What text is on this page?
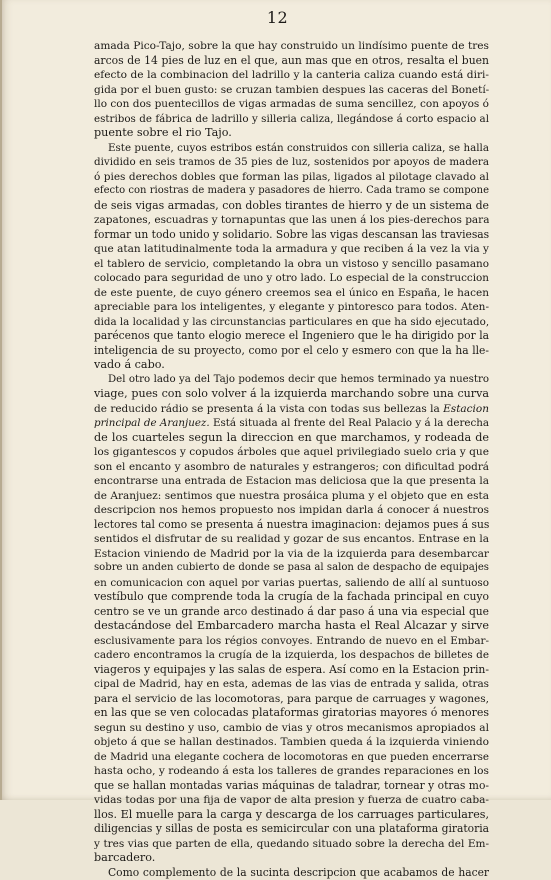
12
amada Pico-Tajo, sobre la que hay construido un lindísimo puente de tres
arcos de 14 pies de luz en el que, aun mas que en otros, resalta el buen
efecto de la combinacion del ladrillo y la canteria caliza cuando está diri-
gida por el buen gusto: se cruzan tambien despues las caceras del Bonetí-
llo con dos puentecillos de vigas armadas de suma sencillez, con apoyos ó
estribos de fábrica de ladrillo y silleria caliza, llegándose á corto espacio al
puente sobre el rio Tajo.
Este puente, cuyos estribos están construidos con silleria caliza, se halla
dividido en seis tramos de 35 pies de luz, sostenidos por apoyos de madera
ó pies derechos dobles que forman las pilas, ligados al pilotage clavado al
efecto con riostras de madera y pasadores de hierro. Cada tramo se compone
de seis vigas armadas, con dobles tirantes de hierro y de un sistema de
zapatones, escuadras y tornapuntas que las unen á los pies-derechos para
formar un todo unido y solidario. Sobre las vigas descansan las traviesas
que atan latitudinalmente toda la armadura y que reciben á la vez la via y
el tablero de servicio, completando la obra un vistoso y sencillo pasamano
colocado para seguridad de uno y otro lado. Lo especial de la construccion
de este puente, de cuyo género creemos sea el único en España, le hacen
apreciable para los inteligentes, y elegante y pintoresco para todos. Aten-
dida la localidad y las circunstancias particulares en que ha sido ejecutado,
parécenos que tanto elogio merece el Ingeniero que le ha dirigido por la
inteligencia de su proyecto, como por el celo y esmero con que la ha lle-
vado á cabo.
Del otro lado ya del Tajo podemos decir que hemos terminado ya nuestro
viage, pues con solo volver á la izquierda marchando sobre una curva
de reducido rádio se presenta á la vista con todas sus bellezas la Estacion
principal de Aranjuez. Está situada al frente del Real Palacio y á la derecha
de los cuarteles segun la direccion en que marchamos, y rodeada de
los gigantescos y copudos árboles que aquel privilegiado suelo cria y que
son el encanto y asombro de naturales y estrangeros; con dificultad podrá
encontrarse una entrada de Estacion mas deliciosa que la que presenta la
de Aranjuez: sentimos que nuestra prosáica pluma y el objeto que en esta
descripcion nos hemos propuesto nos impidan darla á conocer á nuestros
lectores tal como se presenta á nuestra imaginacion: dejamos pues á sus
sentidos el disfrutar de su realidad y gozar de sus encantos. Entrase en la
Estacion viniendo de Madrid por la via de la izquierda para desembarcar
sobre un anden cubierto de donde se pasa al salon de despacho de equipajes
en comunicacion con aquel por varias puertas, saliendo de allí al suntuoso
vestíbulo que comprende toda la crugía de la fachada principal en cuyo
centro se ve un grande arco destinado á dar paso á una via especial que
destacándose del Embarcadero marcha hasta el Real Alcazar y sirve
esclusivamente para los régios convoyes. Entrando de nuevo en el Embar-
cadero encontramos la crugía de la izquierda, los despachos de billetes de
viageros y equipajes y las salas de espera. Así como en la Estacion prin-
cipal de Madrid, hay en esta, ademas de las vias de entrada y salida, otras
para el servicio de las locomotoras, para parque de carruages y wagones,
en las que se ven colocadas plataformas giratorias mayores ó menores
segun su destino y uso, cambio de vias y otros mecanismos apropiados al
objeto á que se hallan destinados. Tambien queda á la izquierda viniendo
de Madrid una elegante cochera de locomotoras en que pueden encerrarse
hasta ocho, y rodeando á esta los talleres de grandes reparaciones en los
que se hallan montadas varias máquinas de taladrar, tornear y otras mo-
vidas todas por una fija de vapor de alta presion y fuerza de cuatro caba-
llos. El muelle para la carga y descarga de los carruages particulares,
diligencias y sillas de posta es semicircular con una plataforma giratoria
y tres vias que parten de ella, quedando situado sobre la derecha del Em-
barcadero.
Como complemento de la sucinta descripcion que acabamos de hacer
